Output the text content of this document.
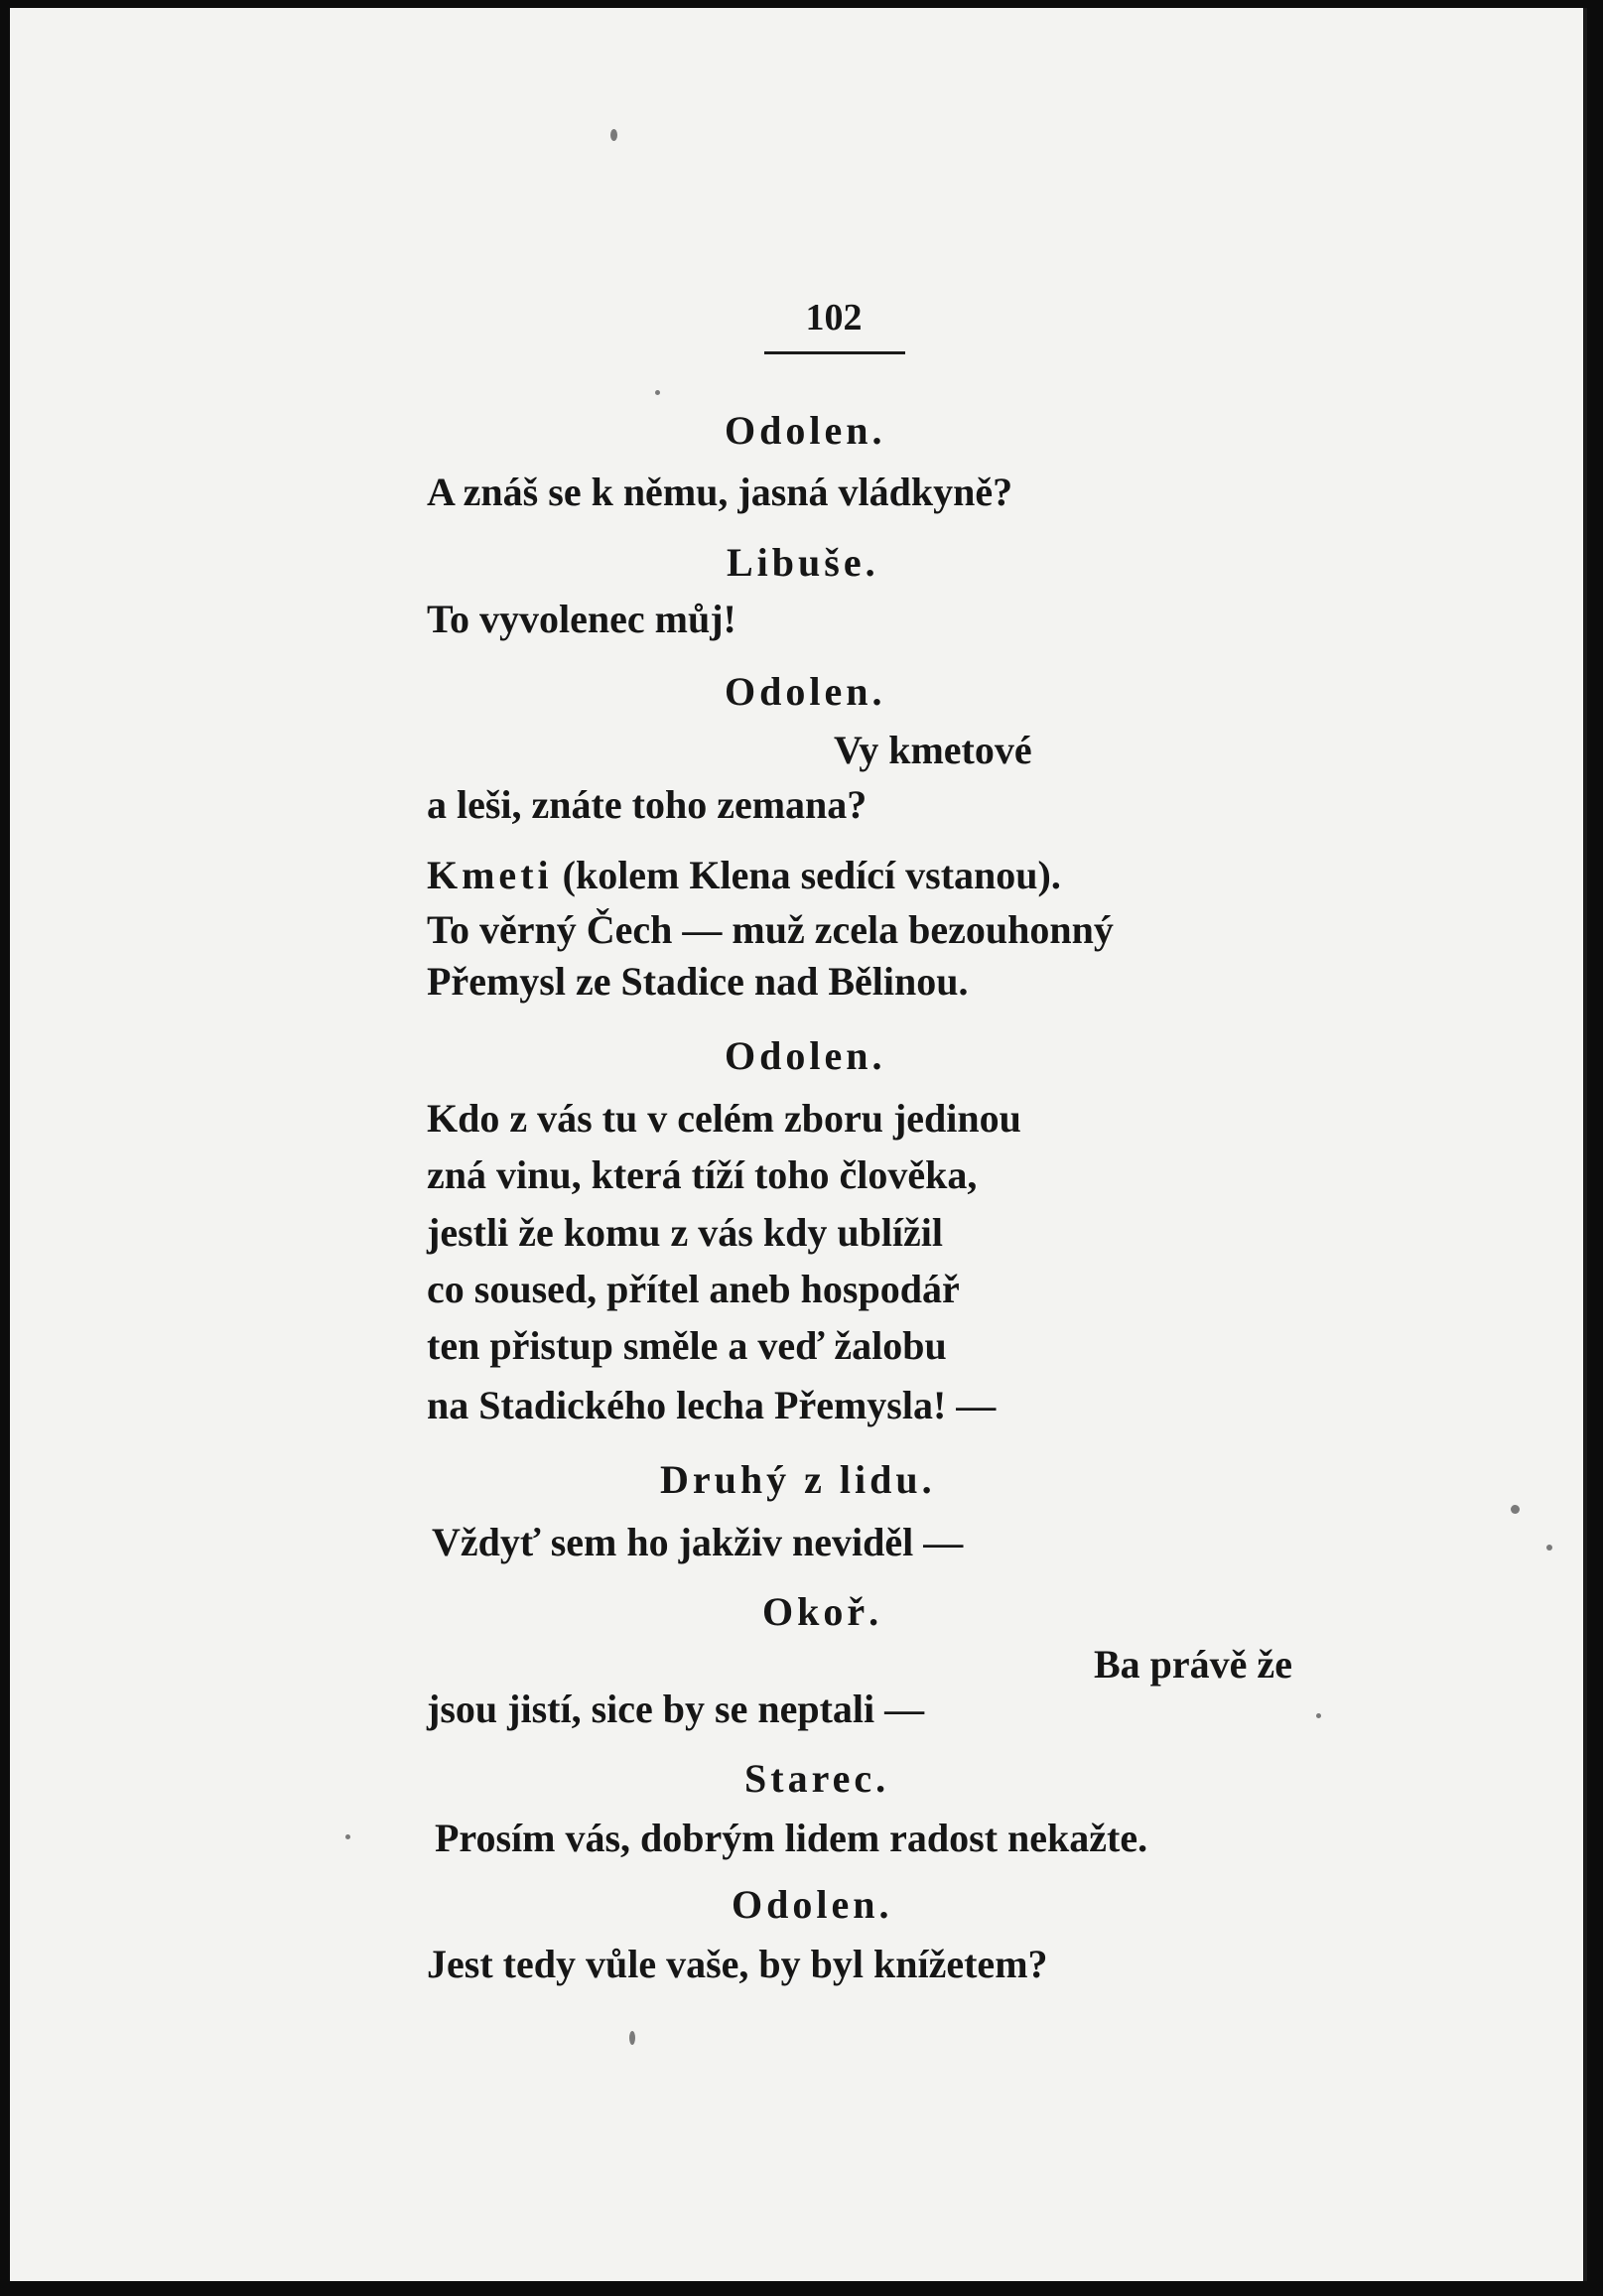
102
Odolen.
A znáš se k němu, jasná vládkyně?
Libuše.
To vyvolenec můj!
Odolen.
Vy kmetové
a leši, znáte toho zemana?
Kmeti (kolem Klena sedící vstanou).
To věrný Čech — muž zcela bezouhonný
Přemysl ze Stadice nad Bělinou.
Odolen.
Kdo z vás tu v celém zboru jedinou
zná vinu, která tíží toho člověka,
jestli že komu z vás kdy ublížil
co soused, přítel aneb hospodář
ten přistup směle a veď žalobu
na Stadického lecha Přemysla! —
Druhý z lidu.
Vždyť sem ho jakživ neviděl —
Okoř.
Ba právě že
jsou jistí, sice by se neptali —
Starec.
Prosím vás, dobrým lidem radost nekažte.
Odolen.
Jest tedy vůle vaše, by byl knížetem?
